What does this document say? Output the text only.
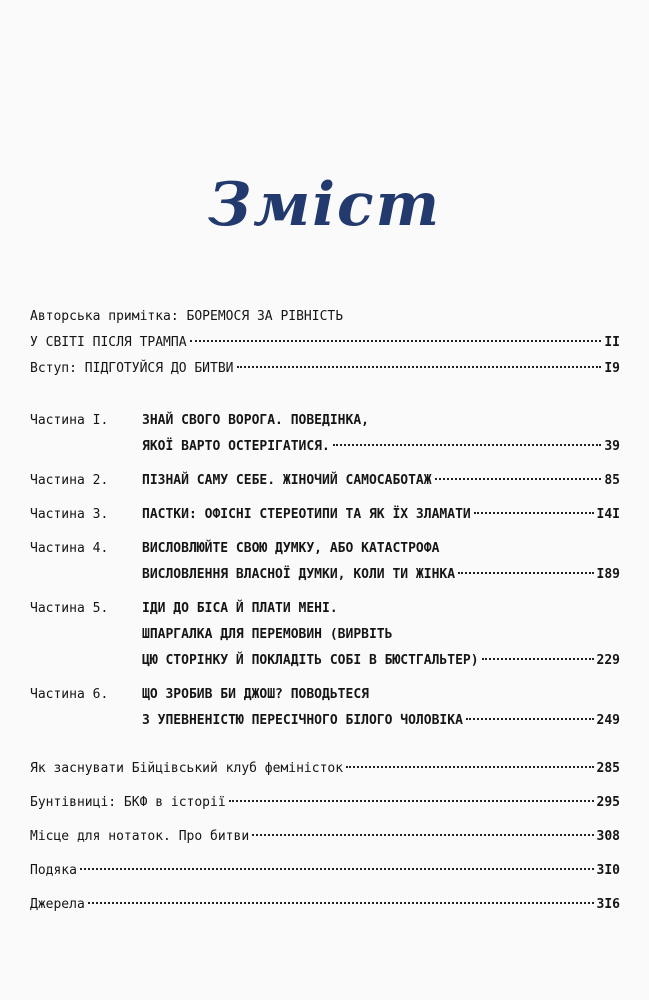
Зміст
Авторська примітка: БОРЕМОСЯ ЗА РІВНІСТЬ
У СВІТІ ПІСЛЯ ТРАМПА	II
Вступ: ПІДГОТУЙСЯ ДО БИТВИ	I9
Частина I.	ЗНАЙ СВОГО ВОРОГА. ПОВЕДІНКА,
ЯКОЇ ВАРТО ОСТЕРІГАТИСЯ.	39
Частина 2.	ПІЗНАЙ САМУ СЕБЕ. ЖІНОЧИЙ САМОСАБОТАЖ	85
Частина 3.	ПАСТКИ: ОФІСНІ СТЕРЕОТИПИ ТА ЯК ЇХ ЗЛАМАТИ	I4I
Частина 4.	ВИСЛОВЛЮЙТЕ СВОЮ ДУМКУ, АБО КАТАСТРОФА
ВИСЛОВЛЕННЯ ВЛАСНОЇ ДУМКИ, КОЛИ ТИ ЖІНКА	I89
Частина 5.	ІДИ ДО БІСА Й ПЛАТИ МЕНІ.
ШПАРГАЛКА ДЛЯ ПЕРЕМОВИН (ВИРВІТЬ
ЦЮ СТОРІНКУ Й ПОКЛАДІТЬ СОБІ В БЮСТГАЛЬТЕР)	229
Частина 6.	ЩО ЗРОБИВ БИ ДЖОШ? ПОВОДЬТЕСЯ
З УПЕВНЕНІСТЮ ПЕРЕСІЧНОГО БІЛОГО ЧОЛОВІКА	249
Як заснувати Бійцівський клуб феміністок	285
Бунтівниці: БКФ в історії	295
Місце для нотаток. Про битви	308
Подяка	3I0
Джерела	3I6
